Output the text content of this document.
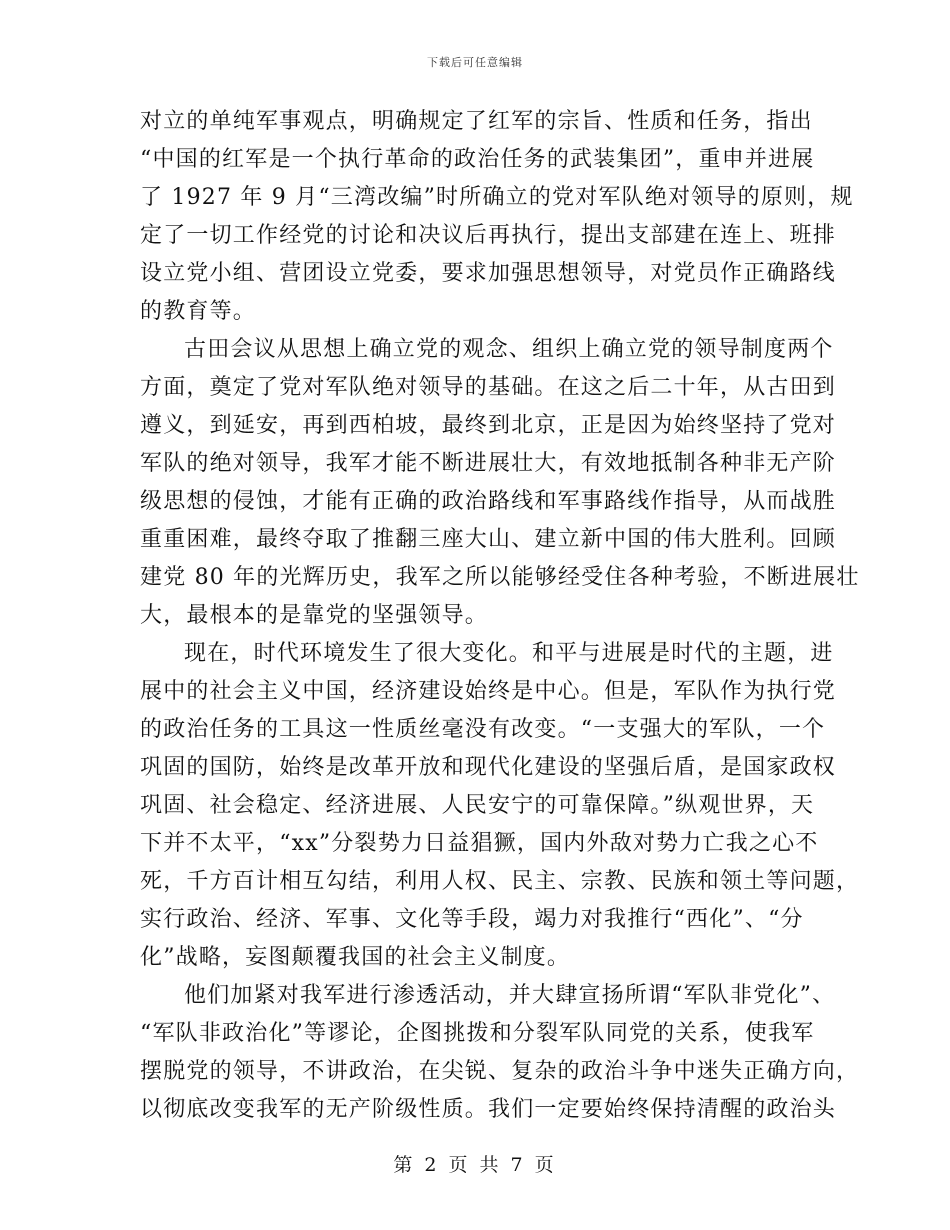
下载后可任意编辑
对立的单纯军事观点，明确规定了红军的宗旨、性质和任务，指出
“中国的红军是一个执行革命的政治任务的武装集团”，重申并进展
了 1927 年 9 月“三湾改编”时所确立的党对军队绝对领导的原则，规
定了一切工作经党的讨论和决议后再执行，提出支部建在连上、班排
设立党小组、营团设立党委，要求加强思想领导，对党员作正确路线
的教育等。
古田会议从思想上确立党的观念、组织上确立党的领导制度两个
方面，奠定了党对军队绝对领导的基础。在这之后二十年，从古田到
遵义，到延安，再到西柏坡，最终到北京，正是因为始终坚持了党对
军队的绝对领导，我军才能不断进展壮大，有效地抵制各种非无产阶
级思想的侵蚀，才能有正确的政治路线和军事路线作指导，从而战胜
重重困难，最终夺取了推翻三座大山、建立新中国的伟大胜利。回顾
建党 80 年的光辉历史，我军之所以能够经受住各种考验，不断进展壮
大，最根本的是靠党的坚强领导。
现在，时代环境发生了很大变化。和平与进展是时代的主题，进
展中的社会主义中国，经济建设始终是中心。但是，军队作为执行党
的政治任务的工具这一性质丝毫没有改变。“一支强大的军队，一个
巩固的国防，始终是改革开放和现代化建设的坚强后盾，是国家政权
巩固、社会稳定、经济进展、人民安宁的可靠保障。”纵观世界，天
下并不太平，“xx”分裂势力日益猖獗，国内外敌对势力亡我之心不
死，千方百计相互勾结，利用人权、民主、宗教、民族和领土等问题，
实行政治、经济、军事、文化等手段，竭力对我推行“西化”、“分
化”战略，妄图颠覆我国的社会主义制度。
他们加紧对我军进行渗透活动，并大肆宣扬所谓“军队非党化”、
“军队非政治化”等谬论，企图挑拨和分裂军队同党的关系，使我军
摆脱党的领导，不讲政治，在尖锐、复杂的政治斗争中迷失正确方向，
以彻底改变我军的无产阶级性质。我们一定要始终保持清醒的政治头
第 2 页 共 7 页
